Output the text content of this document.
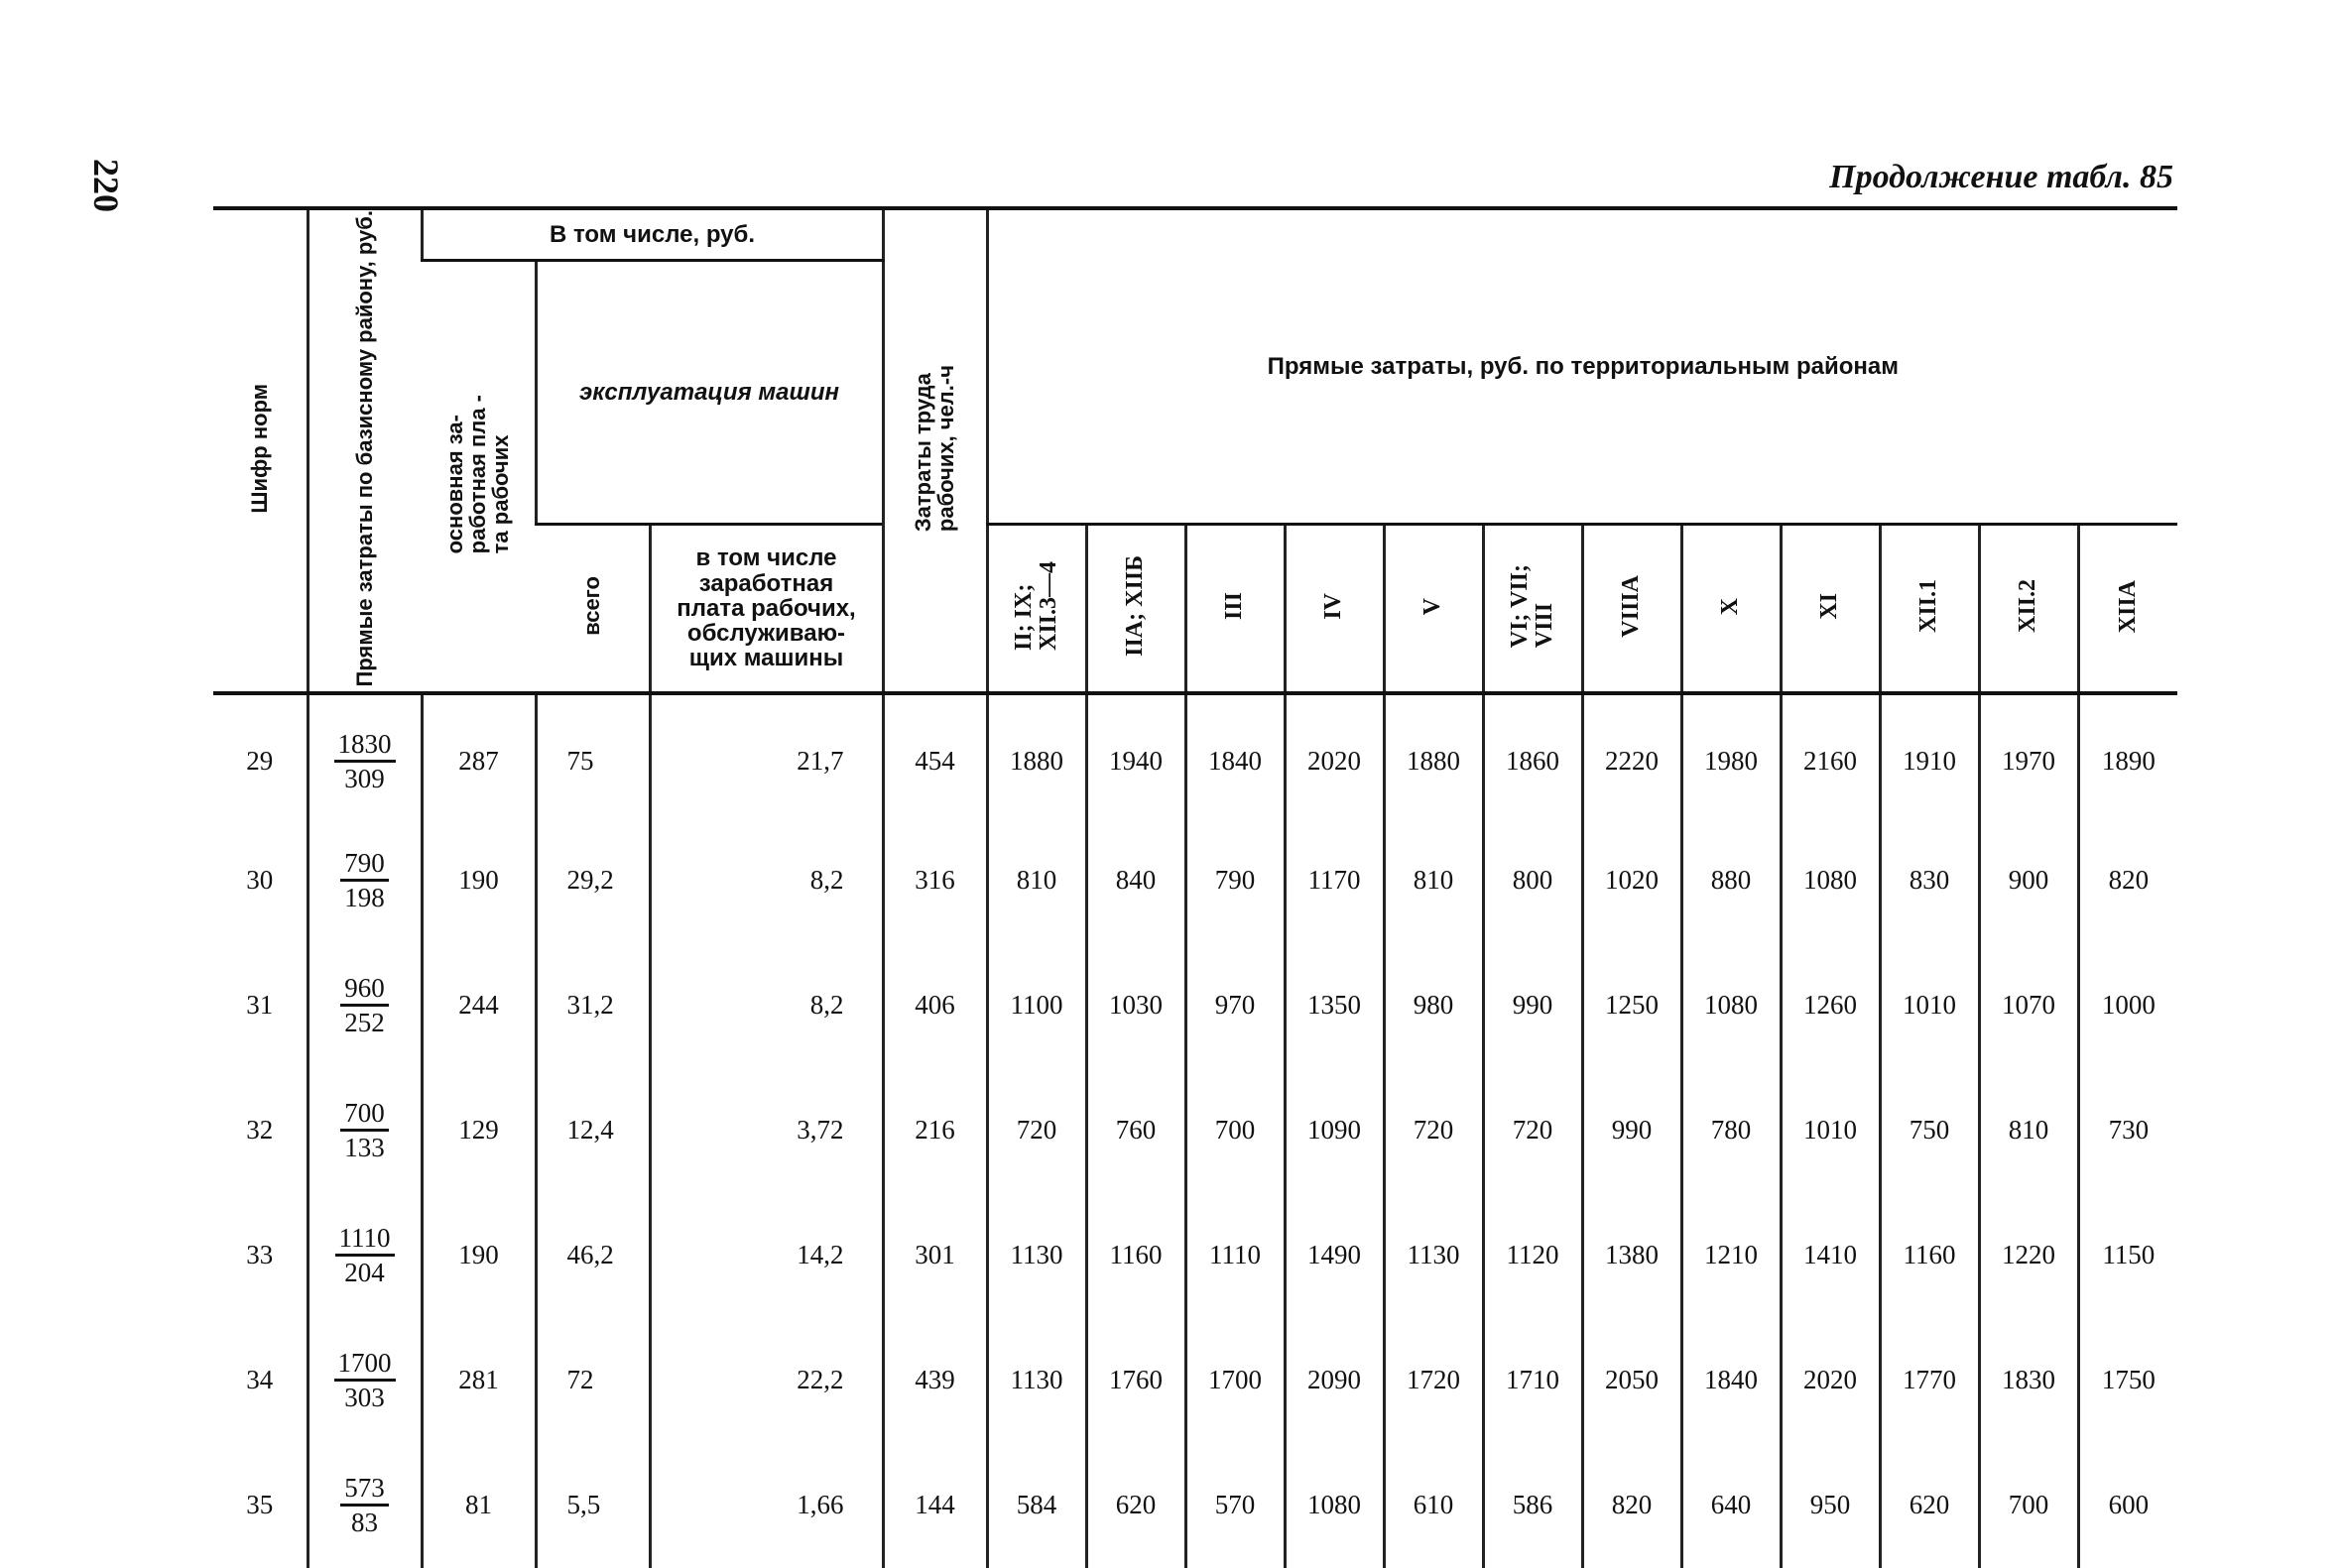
220	Продолжение табл. 85
Шифр норм	Прямые затраты по базисному району, руб.	В том числе, руб.			Затраты труда
рабочих, чел.-ч	Прямые затраты, руб. по территориальным районам											

		основная за-
работная пла -
та рабочих	эксплуатация машин														

			всего	в том числе
заработная
плата рабочих,
обслуживаю-
щих машины		II; IX;
XII.3—4	IIA; XIIБ	III	IV	V	VI; VII;
VIII	VIIIA	X	XI	XII.1	XII.2	XIIA
29	$\frac{1830}{309}$	287	75	21,7	454	1880	1940	1840	2020	1880	1860	2220	1980	2160	1910	1970	1890
30	$\frac{790}{198}$	190	29,2	8,2	316	810	840	790	1170	810	800	1020	880	1080	830	900	820
31	$\frac{960}{252}$	244	31,2	8,2	406	1100	1030	970	1350	980	990	1250	1080	1260	1010	1070	1000
32	$\frac{700}{133}$	129	12,4	3,72	216	720	760	700	1090	720	720	990	780	1010	750	810	730
33	$\frac{1110}{204}$	190	46,2	14,2	301	1130	1160	1110	1490	1130	1120	1380	1210	1410	1160	1220	1150
34	$\frac{1700}{303}$	281	72	22,2	439	1130	1760	1700	2090	1720	1710	2050	1840	2020	1770	1830	1750
35	$\frac{573}{83}$	81	5,5	1,66	144	584	620	570	1080	610	586	820	640	950	620	700	600
